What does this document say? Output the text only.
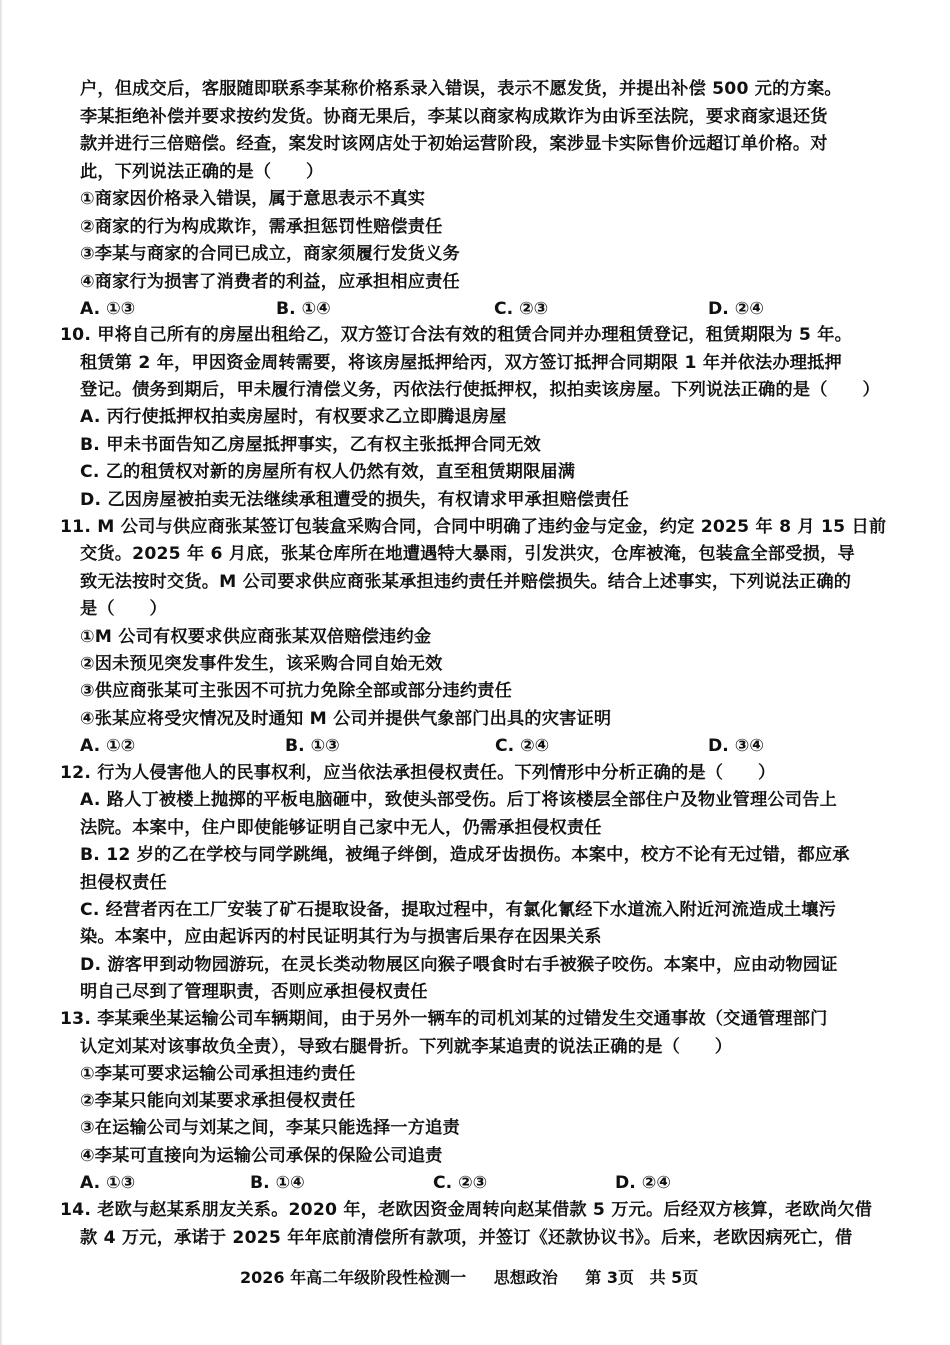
户，但成交后，客服随即联系李某称价格系录入错误，表示不愿发货，并提出补偿 500 元的方案。
李某拒绝补偿并要求按约发货。协商无果后，李某以商家构成欺诈为由诉至法院，要求商家退还货
款并进行三倍赔偿。经查，案发时该网店处于初始运营阶段，案涉显卡实际售价远超订单价格。对
此，下列说法正确的是（　　）
①商家因价格录入错误，属于意思表示不真实
②商家的行为构成欺诈，需承担惩罚性赔偿责任
③李某与商家的合同已成立，商家须履行发货义务
④商家行为损害了消费者的利益，应承担相应责任
A. ①③	B. ①④	C. ②③	D. ②④
10. 甲将自己所有的房屋出租给乙，双方签订合法有效的租赁合同并办理租赁登记，租赁期限为 5 年。
租赁第 2 年，甲因资金周转需要，将该房屋抵押给丙，双方签订抵押合同期限 1 年并依法办理抵押
登记。债务到期后，甲未履行清偿义务，丙依法行使抵押权，拟拍卖该房屋。下列说法正确的是（　　）
A. 丙行使抵押权拍卖房屋时，有权要求乙立即腾退房屋
B. 甲未书面告知乙房屋抵押事实，乙有权主张抵押合同无效
C. 乙的租赁权对新的房屋所有权人仍然有效，直至租赁期限届满
D. 乙因房屋被拍卖无法继续承租遭受的损失，有权请求甲承担赔偿责任
11. M 公司与供应商张某签订包装盒采购合同，合同中明确了违约金与定金，约定 2025 年 8 月 15 日前
交货。2025 年 6 月底，张某仓库所在地遭遇特大暴雨，引发洪灾，仓库被淹，包装盒全部受损，导
致无法按时交货。M 公司要求供应商张某承担违约责任并赔偿损失。结合上述事实，下列说法正确的
是（　　）
①M 公司有权要求供应商张某双倍赔偿违约金
②因未预见突发事件发生，该采购合同自始无效
③供应商张某可主张因不可抗力免除全部或部分违约责任
④张某应将受灾情况及时通知 M 公司并提供气象部门出具的灾害证明
A. ①②	B. ①③	C. ②④	D. ③④
12. 行为人侵害他人的民事权利，应当依法承担侵权责任。下列情形中分析正确的是（　　）
A. 路人丁被楼上抛掷的平板电脑砸中，致使头部受伤。后丁将该楼层全部住户及物业管理公司告上
法院。本案中，住户即使能够证明自己家中无人，仍需承担侵权责任
B. 12 岁的乙在学校与同学跳绳，被绳子绊倒，造成牙齿损伤。本案中，校方不论有无过错，都应承
担侵权责任
C. 经营者丙在工厂安装了矿石提取设备，提取过程中，有氯化氰经下水道流入附近河流造成土壤污
染。本案中，应由起诉丙的村民证明其行为与损害后果存在因果关系
D. 游客甲到动物园游玩，在灵长类动物展区向猴子喂食时右手被猴子咬伤。本案中，应由动物园证
明自己尽到了管理职责，否则应承担侵权责任
13. 李某乘坐某运输公司车辆期间，由于另外一辆车的司机刘某的过错发生交通事故（交通管理部门
认定刘某对该事故负全责），导致右腿骨折。下列就李某追责的说法正确的是（　　）
①李某可要求运输公司承担违约责任
②李某只能向刘某要求承担侵权责任
③在运输公司与刘某之间，李某只能选择一方追责
④李某可直接向为运输公司承保的保险公司追责
A. ①③	B. ①④	C. ②③	D. ②④
14. 老欧与赵某系朋友关系。2020 年，老欧因资金周转向赵某借款 5 万元。后经双方核算，老欧尚欠借
款 4 万元，承诺于 2025 年年底前清偿所有款项，并签订《还款协议书》。后来，老欧因病死亡，借
2026 年高二年级阶段性检测一 思想政治 第 3页 共 5页
